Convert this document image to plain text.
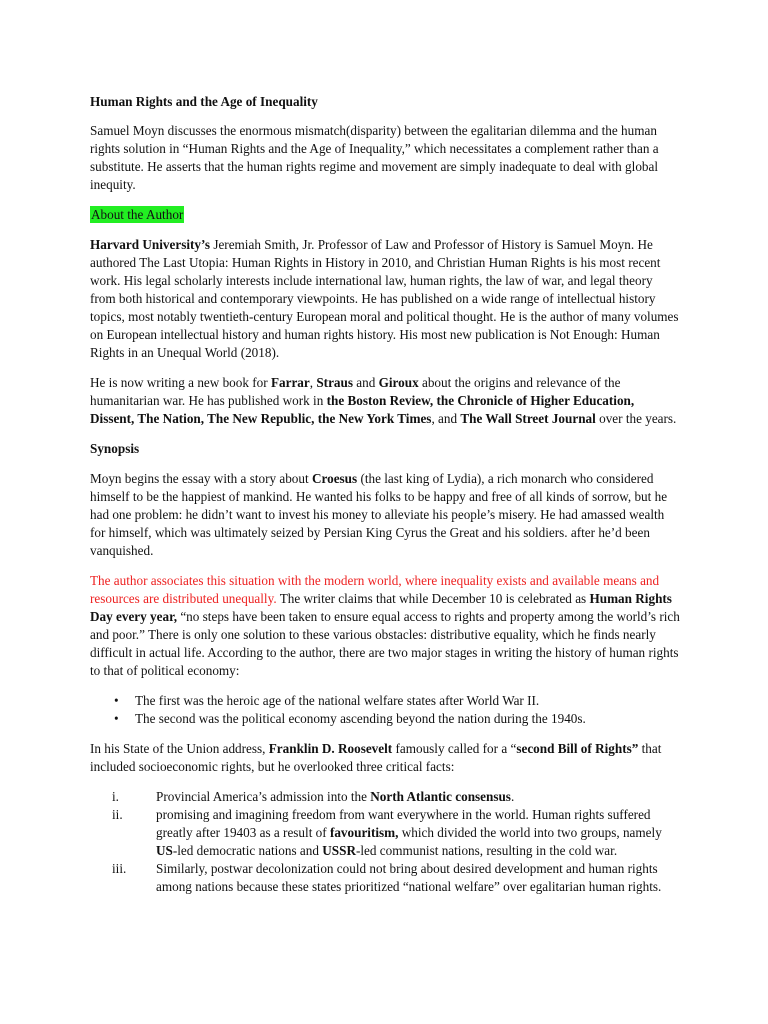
Human Rights and the Age of Inequality

Samuel Moyn discusses the enormous mismatch(disparity) between the egalitarian dilemma and the human rights solution in “Human Rights and the Age of Inequality,” which necessitates a complement rather than a substitute. He asserts that the human rights regime and movement are simply inadequate to deal with global inequity.

About the Author

Harvard University’s Jeremiah Smith, Jr. Professor of Law and Professor of History is Samuel Moyn. He authored The Last Utopia: Human Rights in History in 2010, and Christian Human Rights is his most recent work. His legal scholarly interests include international law, human rights, the law of war, and legal theory from both historical and contemporary viewpoints. He has published on a wide range of intellectual history topics, most notably twentieth-century European moral and political thought. He is the author of many volumes on European intellectual history and human rights history. His most new publication is Not Enough: Human Rights in an Unequal World (2018).

He is now writing a new book for Farrar, Straus and Giroux about the origins and relevance of the humanitarian war. He has published work in the Boston Review, the Chronicle of Higher Education, Dissent, The Nation, The New Republic, the New York Times, and The Wall Street Journal over the years.

Synopsis

Moyn begins the essay with a story about Croesus (the last king of Lydia), a rich monarch who considered himself to be the happiest of mankind. He wanted his folks to be happy and free of all kinds of sorrow, but he had one problem: he didn’t want to invest his money to alleviate his people’s misery. He had amassed wealth for himself, which was ultimately seized by Persian King Cyrus the Great and his soldiers. after he’d been vanquished.

The author associates this situation with the modern world, where inequality exists and available means and resources are distributed unequally. The writer claims that while December 10 is celebrated as Human Rights Day every year, “no steps have been taken to ensure equal access to rights and property among the world’s rich and poor.” There is only one solution to these various obstacles: distributive equality, which he finds nearly difficult in actual life. According to the author, there are two major stages in writing the history of human rights to that of political economy:

• The first was the heroic age of the national welfare states after World War II.
• The second was the political economy ascending beyond the nation during the 1940s.

In his State of the Union address, Franklin D. Roosevelt famously called for a “second Bill of Rights” that included socioeconomic rights, but he overlooked three critical facts:

i.	Provincial America’s admission into the North Atlantic consensus.
ii.	promising and imagining freedom from want everywhere in the world. Human rights suffered greatly after 19403 as a result of favouritism, which divided the world into two groups, namely US-led democratic nations and USSR-led communist nations, resulting in the cold war.
iii. Similarly, postwar decolonization could not bring about desired development and human rights among nations because these states prioritized “national welfare” over egalitarian human rights.
